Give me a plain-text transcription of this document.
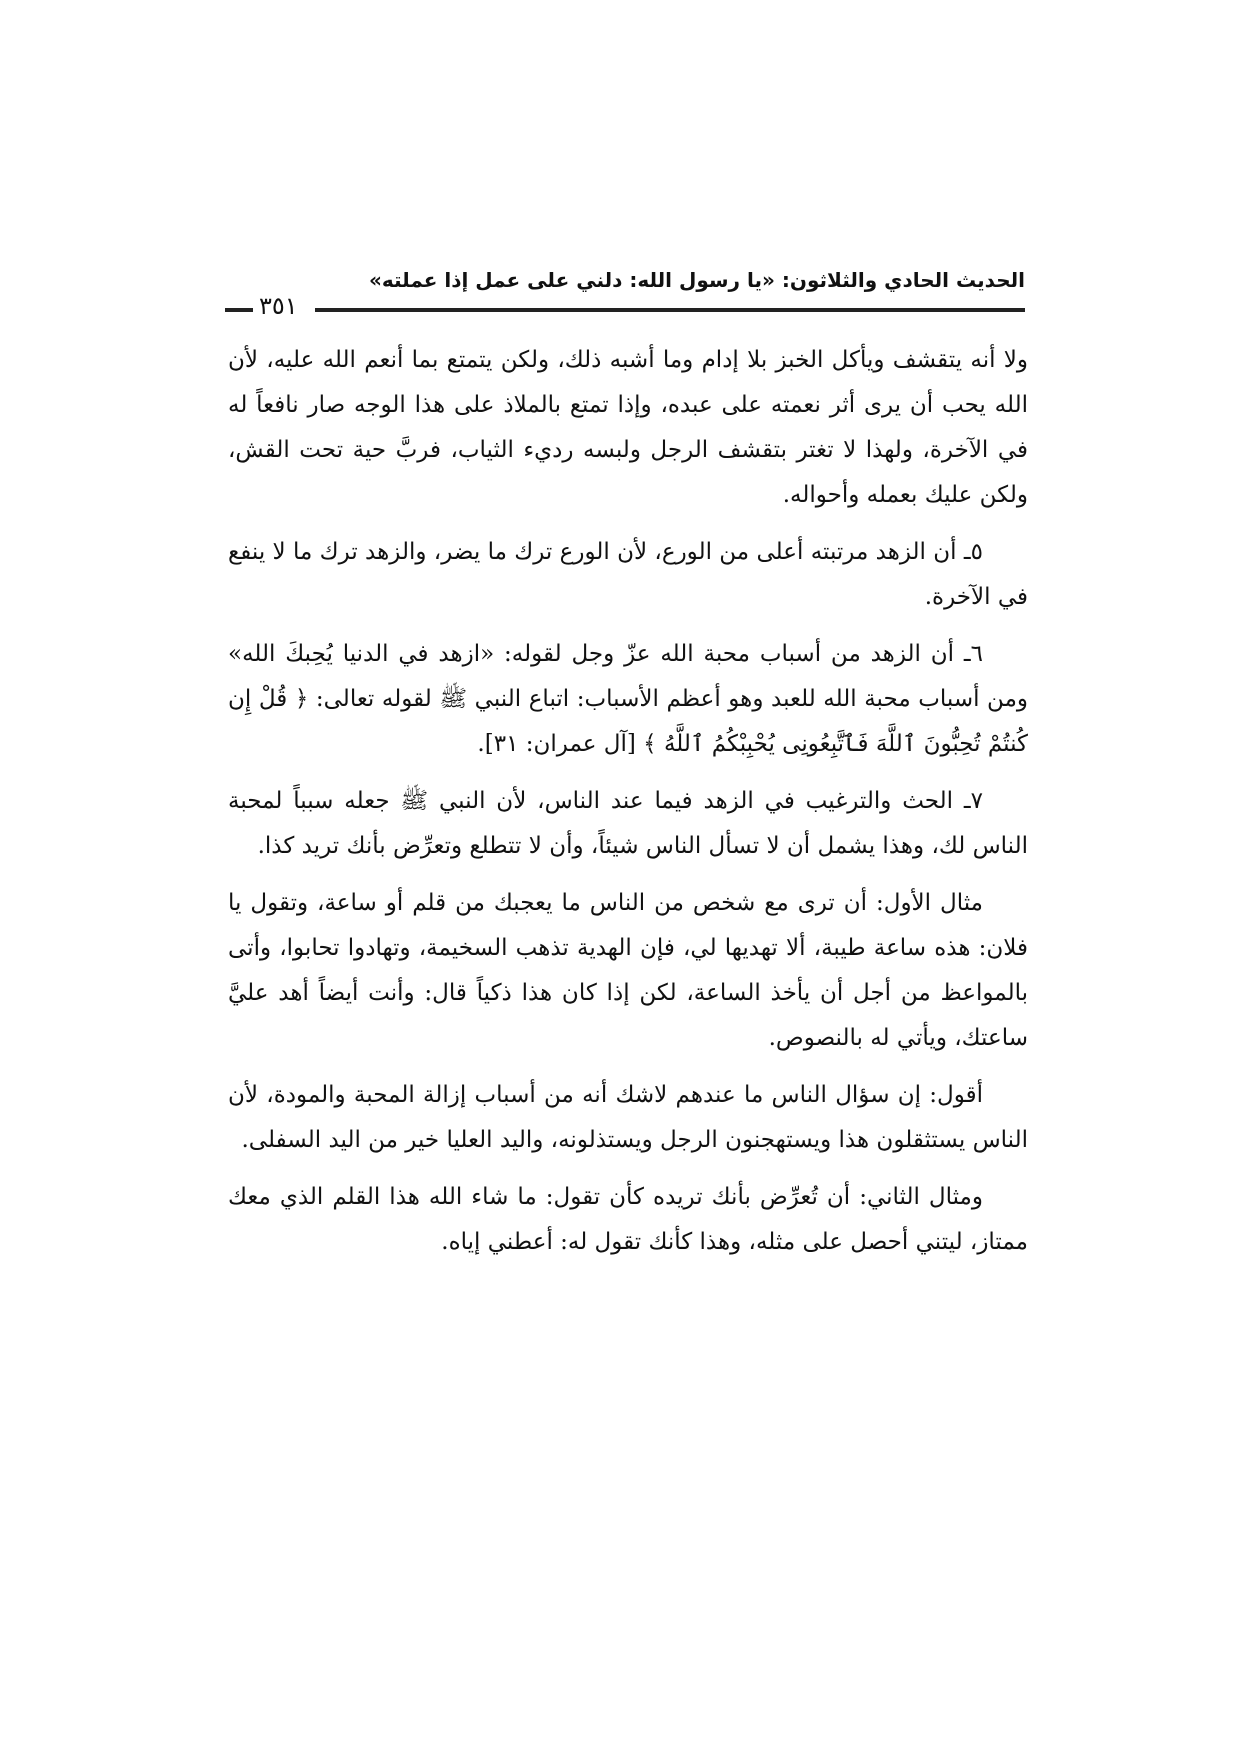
الحديث الحادي والثلاثون: «يا رسول الله: دلني على عمل إذا عملته»
٣٥١

ولا أنه يتقشف ويأكل الخبز بلا إدام وما أشبه ذلك، ولكن يتمتع بما أنعم الله عليه، لأن الله يحب أن يرى أثر نعمته على عبده، وإذا تمتع بالملاذ على هذا الوجه صار نافعاً له في الآخرة، ولهذا لا تغتر بتقشف الرجل ولبسه رديء الثياب، فربَّ حية تحت القش، ولكن عليك بعمله وأحواله.

٥ـ أن الزهد مرتبته أعلى من الورع، لأن الورع ترك ما يضر، والزهد ترك ما لا ينفع في الآخرة.

٦ـ أن الزهد من أسباب محبة الله عزّ وجل لقوله: «ازهد في الدنيا يُحِبكَ الله» ومن أسباب محبة الله للعبد وهو أعظم الأسباب: اتباع النبي ﷺ لقوله تعالى: ﴿ قُلْ إِن كُنتُمْ تُحِبُّونَ ٱللَّهَ فَٱتَّبِعُونِى يُحْبِبْكُمُ ٱللَّهُ ﴾ [آل عمران: ٣١].

٧ـ الحث والترغيب في الزهد فيما عند الناس، لأن النبي ﷺ جعله سبباً لمحبة الناس لك، وهذا يشمل أن لا تسأل الناس شيئاً، وأن لا تتطلع وتعرِّض بأنك تريد كذا.

مثال الأول: أن ترى مع شخص من الناس ما يعجبك من قلم أو ساعة، وتقول يا فلان: هذه ساعة طيبة، ألا تهديها لي، فإن الهدية تذهب السخيمة، وتهادوا تحابوا، وأتى بالمواعظ من أجل أن يأخذ الساعة، لكن إذا كان هذا ذكياً قال: وأنت أيضاً أهد عليَّ ساعتك، ويأتي له بالنصوص.

أقول: إن سؤال الناس ما عندهم لاشك أنه من أسباب إزالة المحبة والمودة، لأن الناس يستثقلون هذا ويستهجنون الرجل ويستذلونه، واليد العليا خير من اليد السفلى.

ومثال الثاني: أن تُعرِّض بأنك تريده كأن تقول: ما شاء الله هذا القلم الذي معك ممتاز، ليتني أحصل على مثله، وهذا كأنك تقول له: أعطني إياه.
